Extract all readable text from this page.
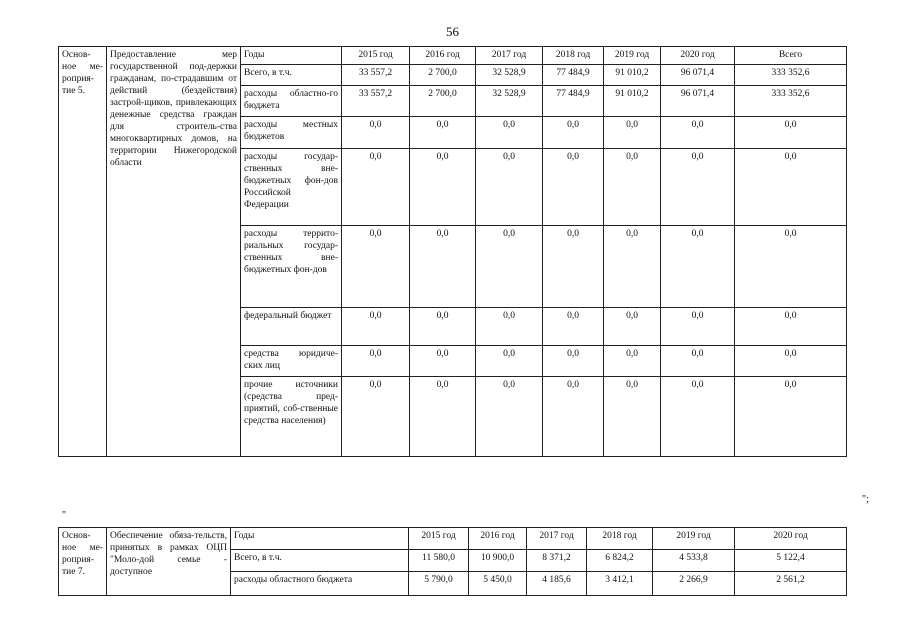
56
Основ-ное ме-роприя-тие 5.	Предоставление мер государственной под-держки гражданам, по-страдавшим от действий (бездействия) застрой-щиков, привлекающих денежные средства граждан для строитель-ства многоквартирных домов, на территории Нижегородской области	Годы	2015 год	2016 год	2017 год	2018 год	2019 год	2020 год	Всего
		Всего, в т.ч.	33 557,2	2 700,0	32 528,9	77 484,9	91 010,2	96 071,4	333 352,6
		расходы областно-го бюджета	33 557,2	2 700,0	32 528,9	77 484,9	91 010,2	96 071,4	333 352,6
		расходы местных бюджетов	0,0	0,0	0,0	0,0	0,0	0,0	0,0
		расходы государ-ственных вне-бюджетных фон-дов Российской Федерации	0,0	0,0	0,0	0,0	0,0	0,0	0,0
		расходы террито-риальных государ-ственных вне-бюджетных фон-дов	0,0	0,0	0,0	0,0	0,0	0,0	0,0
		федеральный бюджет	0,0	0,0	0,0	0,0	0,0	0,0	0,0
		средства юридиче-ских лиц	0,0	0,0	0,0	0,0	0,0	0,0	0,0
		прочие источники (средства пред-приятий, соб-ственные средства населения)	0,0	0,0	0,0	0,0	0,0	0,0	0,0
";
"
Основ-ное ме-роприя-тие 7.	Обеспечение обяза-тельств, принятых в рамках ОЦП "Моло-дой семье - доступное	Годы	2015 год	2016 год	2017 год	2018 год	2019 год	2020 год
		Всего, в т.ч.	11 580,0	10 900,0	8 371,2	6 824,2	4 533,8	5 122,4
		расходы областного бюджета	5 790,0	5 450,0	4 185,6	3 412,1	2 266,9	2 561,2
